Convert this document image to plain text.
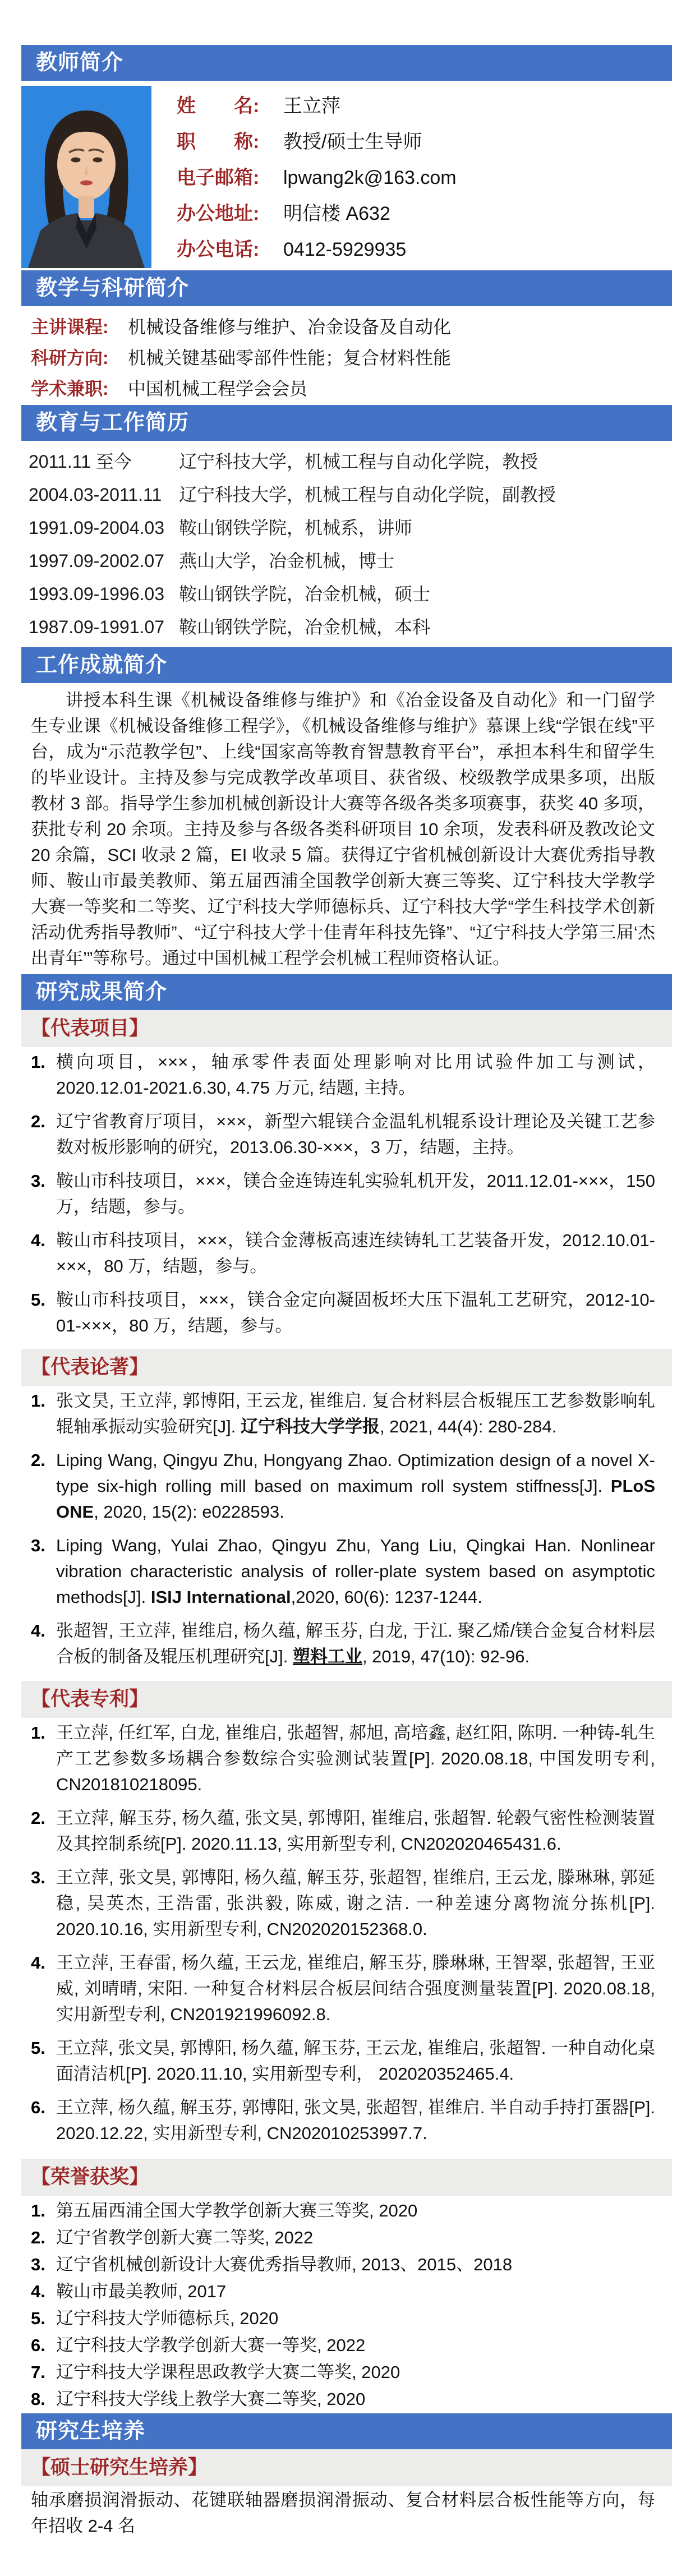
教师简介
姓　　名: 王立萍
职　　称: 教授/硕士生导师
电子邮箱: lpwang2k@163.com
办公地址: 明信楼 A632
办公电话: 0412-5929935
教学与科研简介
主讲课程: 机械设备维修与维护、冶金设备及自动化
科研方向: 机械关键基础零部件性能；复合材料性能
学术兼职: 中国机械工程学会会员
教育与工作简历
2011.11 至今	辽宁科技大学，机械工程与自动化学院，教授
2004.03-2011.11 辽宁科技大学，机械工程与自动化学院，副教授
1991.09-2004.03 鞍山钢铁学院，机械系，讲师
1997.09-2002.07 燕山大学，冶金机械，博士
1993.09-1996.03 鞍山钢铁学院，冶金机械，硕士
1987.09-1991.07 鞍山钢铁学院，冶金机械，本科
工作成就简介
讲授本科生课《机械设备维修与维护》和《冶金设备及自动化》和一门留学生专业课《机械设备维修工程学》，《机械设备维修与维护》慕课上线“学银在线”平台，成为“示范教学包”、上线“国家高等教育智慧教育平台”，承担本科生和留学生的毕业设计。主持及参与完成教学改革项目、获省级、校级教学成果多项，出版教材 3 部。指导学生参加机械创新设计大赛等各级各类多项赛事，获奖 40 多项，获批专利 20 余项。主持及参与各级各类科研项目 10 余项，发表科研及教改论文 20 余篇，SCI 收录 2 篇，EI 收录 5 篇。获得辽宁省机械创新设计大赛优秀指导教师、鞍山市最美教师、第五届西浦全国教学创新大赛三等奖、辽宁科技大学教学大赛一等奖和二等奖、辽宁科技大学师德标兵、辽宁科技大学“学生科技学术创新活动优秀指导教师”、“辽宁科技大学十佳青年科技先锋”、“辽宁科技大学第三届‘杰出青年’”等称号。通过中国机械工程学会机械工程师资格认证。
研究成果简介
【代表项目】
1. 横向项目，×××，轴承零件表面处理影响对比用试验件加工与测试，2020.12.01-2021.6.30, 4.75 万元, 结题, 主持。
2. 辽宁省教育厅项目，×××，新型六辊镁合金温轧机辊系设计理论及关键工艺参数对板形影响的研究，2013.06.30-×××，3 万，结题，主持。
3. 鞍山市科技项目，×××，镁合金连铸连轧实验轧机开发，2011.12.01-×××，150 万，结题，参与。
4. 鞍山市科技项目，×××，镁合金薄板高速连续铸轧工艺装备开发，2012.10.01-×××，80 万，结题，参与。
5. 鞍山市科技项目，×××，镁合金定向凝固板坯大压下温轧工艺研究，2012-10-01-×××，80 万，结题，参与。
【代表论著】
1. 张文昊, 王立萍, 郭博阳, 王云龙, 崔维启. 复合材料层合板辊压工艺参数影响轧辊轴承振动实验研究[J]. 辽宁科技大学学报, 2021, 44(4): 280-284.
2. Liping Wang, Qingyu Zhu, Hongyang Zhao. Optimization design of a novel X-type six-high rolling mill based on maximum roll system stiffness[J]. PLoS ONE, 2020, 15(2): e0228593.
3. Liping Wang, Yulai Zhao, Qingyu Zhu, Yang Liu, Qingkai Han. Nonlinear vibration characteristic analysis of roller-plate system based on asymptotic methods[J]. ISIJ International,2020, 60(6): 1237-1244.
4. 张超智, 王立萍, 崔维启, 杨久蕴, 解玉芬, 白龙, 于江. 聚乙烯/镁合金复合材料层合板的制备及辊压机理研究[J]. 塑料工业, 2019, 47(10): 92-96.
【代表专利】
1. 王立萍, 任红军, 白龙, 崔维启, 张超智, 郝旭, 高培鑫, 赵红阳, 陈明. 一种铸-轧生产工艺参数多场耦合参数综合实验测试装置[P]. 2020.08.18, 中国发明专利, CN201810218095.
2. 王立萍, 解玉芬, 杨久蕴, 张文昊, 郭博阳, 崔维启, 张超智. 轮毂气密性检测装置及其控制系统[P]. 2020.11.13, 实用新型专利, CN202020465431.6.
3. 王立萍, 张文昊, 郭博阳, 杨久蕴, 解玉芬, 张超智, 崔维启, 王云龙, 滕琳琳, 郭延稳, 吴英杰, 王浩雷, 张洪毅, 陈威, 谢之洁. 一种差速分离物流分拣机[P]. 2020.10.16, 实用新型专利, CN202020152368.0.
4. 王立萍, 王春雷, 杨久蕴, 王云龙, 崔维启, 解玉芬, 滕琳琳, 王智翠, 张超智, 王亚威, 刘晴晴, 宋阳. 一种复合材料层合板层间结合强度测量装置[P]. 2020.08.18, 实用新型专利, CN201921996092.8.
5. 王立萍, 张文昊, 郭博阳, 杨久蕴, 解玉芬, 王云龙, 崔维启, 张超智. 一种自动化桌面清洁机[P]. 2020.11.10, 实用新型专利， 202020352465.4.
6. 王立萍, 杨久蕴, 解玉芬, 郭博阳, 张文昊, 张超智, 崔维启. 半自动手持打蛋器[P]. 2020.12.22, 实用新型专利, CN202010253997.7.
【荣誉获奖】
1. 第五届西浦全国大学教学创新大赛三等奖, 2020
2. 辽宁省教学创新大赛二等奖, 2022
3. 辽宁省机械创新设计大赛优秀指导教师, 2013、2015、2018
4. 鞍山市最美教师, 2017
5. 辽宁科技大学师德标兵, 2020
6. 辽宁科技大学教学创新大赛一等奖, 2022
7. 辽宁科技大学课程思政教学大赛二等奖, 2020
8. 辽宁科技大学线上教学大赛二等奖, 2020
研究生培养
【硕士研究生培养】
轴承磨损润滑振动、花键联轴器磨损润滑振动、复合材料层合板性能等方向，每年招收 2-4 名
